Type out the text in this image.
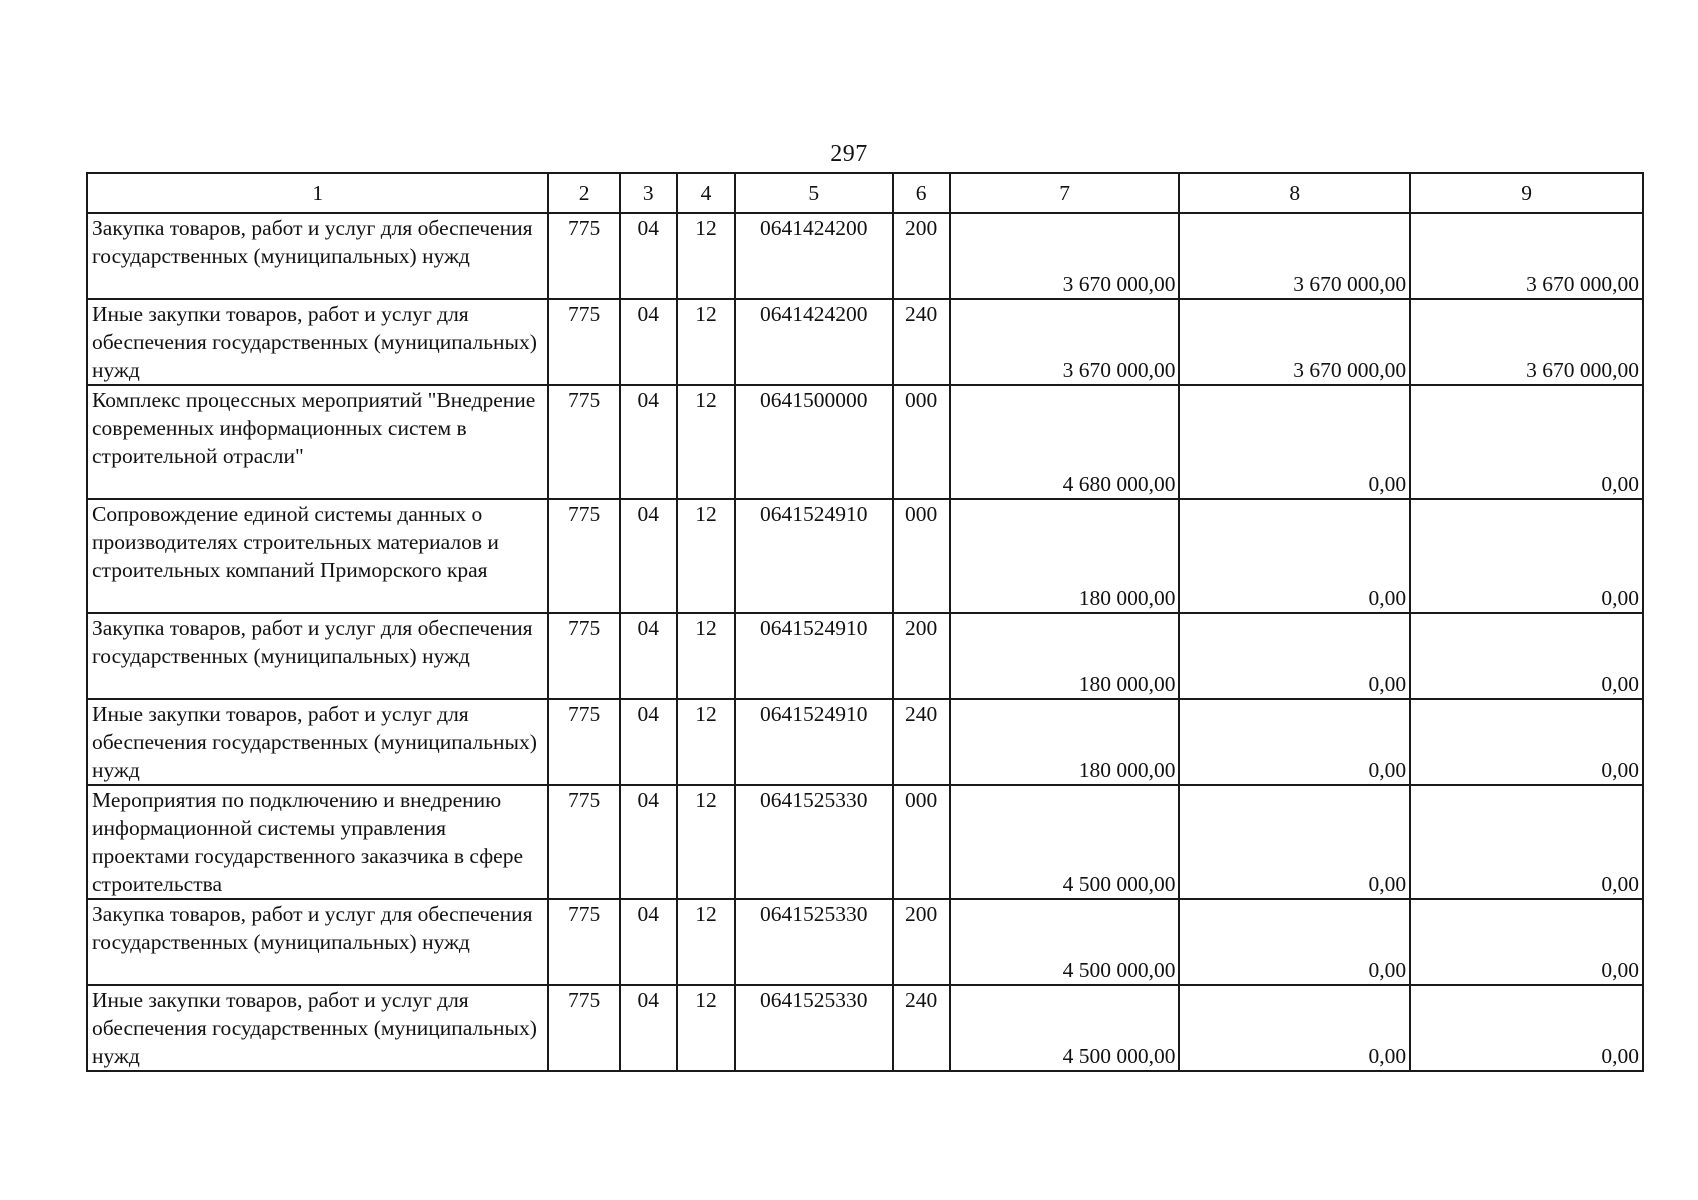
297
1	2	3	4	5	6	7	8	9
Закупка товаров, работ и услуг для обеспечения государственных (муниципальных) нужд	775	04	12	0641424200	200	3 670 000,00	3 670 000,00	3 670 000,00
Иные закупки товаров, работ и услуг для обеспечения государственных (муниципальных) нужд	775	04	12	0641424200	240	3 670 000,00	3 670 000,00	3 670 000,00
Комплекс процессных мероприятий "Внедрение современных информационных систем в строительной отрасли"	775	04	12	0641500000	000	4 680 000,00	0,00	0,00
Сопровождение единой системы данных о производителях строительных материалов и строительных компаний Приморского края	775	04	12	0641524910	000	180 000,00	0,00	0,00
Закупка товаров, работ и услуг для обеспечения государственных (муниципальных) нужд	775	04	12	0641524910	200	180 000,00	0,00	0,00
Иные закупки товаров, работ и услуг для обеспечения государственных (муниципальных) нужд	775	04	12	0641524910	240	180 000,00	0,00	0,00
Мероприятия по подключению и внедрению информационной системы управления проектами государственного заказчика в сфере строительства	775	04	12	0641525330	000	4 500 000,00	0,00	0,00
Закупка товаров, работ и услуг для обеспечения государственных (муниципальных) нужд	775	04	12	0641525330	200	4 500 000,00	0,00	0,00
Иные закупки товаров, работ и услуг для обеспечения государственных (муниципальных) нужд	775	04	12	0641525330	240	4 500 000,00	0,00	0,00
